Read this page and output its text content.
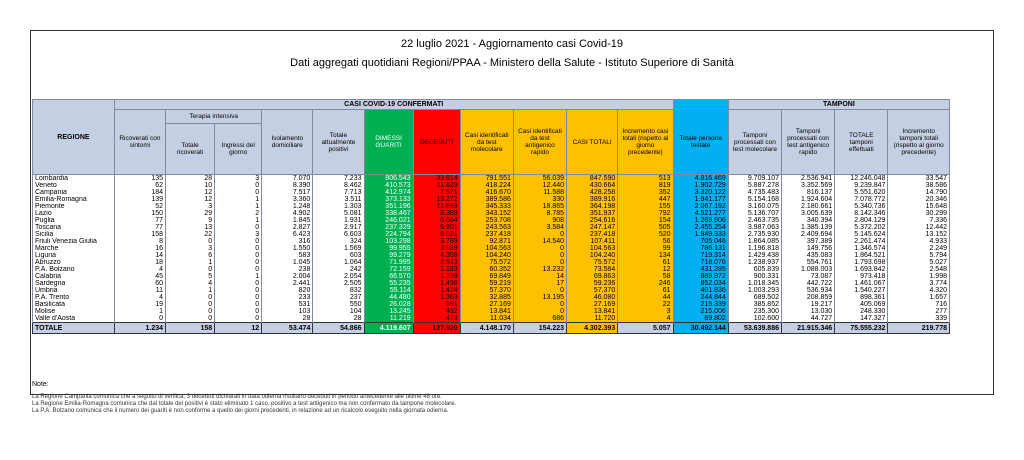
22 luglio 2021 - Aggiornamento casi Covid-19
Dati aggregati quotidiani Regioni/PPAA - Ministero della Salute - Istituto Superiore di Sanità
REGIONE	CASI COVID-19 CONFERMATI												TAMPONI			
	Ricoverati con sintomi	Terapia intensiva		Isolamento domiciliare	Totale attualmente positivi	DIMESSI GUARITI	DECEDUTI	Casi identificati da test molecolare	Casi identificati da test antigenico rapido	CASI TOTALI	Incremento casi totali (rispetto al giorno precedente)	Totale persone testate	Tamponi processati con test molecolare	Tamponi processati con test antigenico rapido	TOTALE tamponi effettuati	Incremento tamponi totali (rispetto al giorno precedente)
		Totale ricoverati	Ingressi del giorno													
Lombardia	135	28	3	7.070	7.233	806.543	33.814	791.551	56.039	847.590	513	4.816.469	9.709.107	2.536.941	12.246.048	33.547
Veneto	62	10	0	8.390	8.462	410.573	11.629	418.224	12.440	430.664	819	1.902.729	5.887.278	3.352.569	9.239.847	38.586
Campania	184	12	0	7.517	7.713	412.974	7.571	416.670	11.588	428.258	352	3.320.122	4.735.483	816.137	5.551.620	14.790
Emilia-Romagna	139	12	1	3.360	3.511	373.133	13.272	389.586	330	389.916	447	1.941.177	5.154.168	1.924.604	7.078.772	20.346
Piemonte	52	3	1	1.248	1.303	351.196	11.699	345.333	18.865	364.198	155	2.067.192	3.160.075	2.180.661	5.340.736	15.648
Lazio	150	29	2	4.902	5.081	338.467	8.389	343.152	8.785	351.937	792	4.521.277	5.136.707	3.005.639	8.142.346	30.299
Puglia	77	9	1	1.845	1.931	246.021	6.664	253.708	908	254.616	154	1.269.906	2.463.735	340.394	2.804.129	7.336
Toscana	77	13	0	2.827	2.917	237.329	6.901	243.563	3.584	247.147	505	2.455.254	3.987.063	1.385.139	5.372.202	12.442
Sicilia	158	22	3	6.423	6.603	224.794	6.021	237.418	0	237.418	520	1.949.333	2.735.930	2.409.694	5.145.624	13.152
Friuli Venezia Giulia	8	0	0	316	324	103.298	3.789	92.871	14.540	107.411	56	705.046	1.864.085	397.389	2.261.474	4.933
Marche	16	3	0	1.550	1.569	99.955	3.039	104.563	0	104.563	99	786.131	1.196.818	149.756	1.346.574	2.249
Liguria	14	6	0	583	603	99.279	4.358	104.240	0	104.240	134	719.314	1.429.438	435.083	1.864.521	5.794
Abruzzo	18	1	0	1.045	1.064	71.995	2.513	75.572	0	75.572	61	718.076	1.238.937	554.761	1.793.698	5.027
P.A. Bolzano	4	0	0	238	242	72.159	1.183	60.352	13.232	73.584	12	431.285	605.839	1.088.003	1.693.842	2.548
Calabria	45	5	1	2.004	2.054	66.570	1.239	69.849	14	69.863	58	889.972	900.331	73.087	973.418	1.998
Sardegna	60	4	0	2.441	2.505	55.235	1.496	59.219	17	59.236	246	852.034	1.018.345	442.722	1.461.067	3.774
Umbria	11	1	0	820	832	55.114	1.424	57.370	0	57.370	61	401.836	1.003.293	536.934	1.540.227	4.320
P.A. Trento	4	0	0	233	237	44.480	1.363	32.885	13.195	46.080	44	244.844	689.502	208.859	898.361	1.657
Basilicata	19	0	0	531	550	26.028	591	27.169	0	27.169	22	215.339	385.852	19.217	405.069	716
Molise	1	0	0	103	104	13.245	492	13.841	0	13.841	3	215.006	235.300	13.030	248.330	277
Valle d'Aosta	0	0	0	28	28	11.219	473	11.034	686	11.720	4	69.802	102.600	44.727	147.327	339
TOTALE	1.234	158	12	53.474	54.866	4.119.607	127.920	4.148.170	154.223	4.302.393	5.057	30.492.144	53.639.886	21.915.346	75.555.232	219.778
Note:
La Regione Campania comunica che a seguito di verifica, 3 deceduti dichiarati in data odierna risultano deceduti in periodo antecedente alle ultime 48 ore.
La Regione Emilia-Romagna comunica che dal totale dei positivi è stato eliminato 1 caso, positivo a test antigenico ma non confermato da tampone molecolare.
La P.A. Bolzano comunica che il numero dei guariti è non conforme a quello dei giorni precedenti, in relazione ad un ricalcolo eseguito nella giornata odierna.
